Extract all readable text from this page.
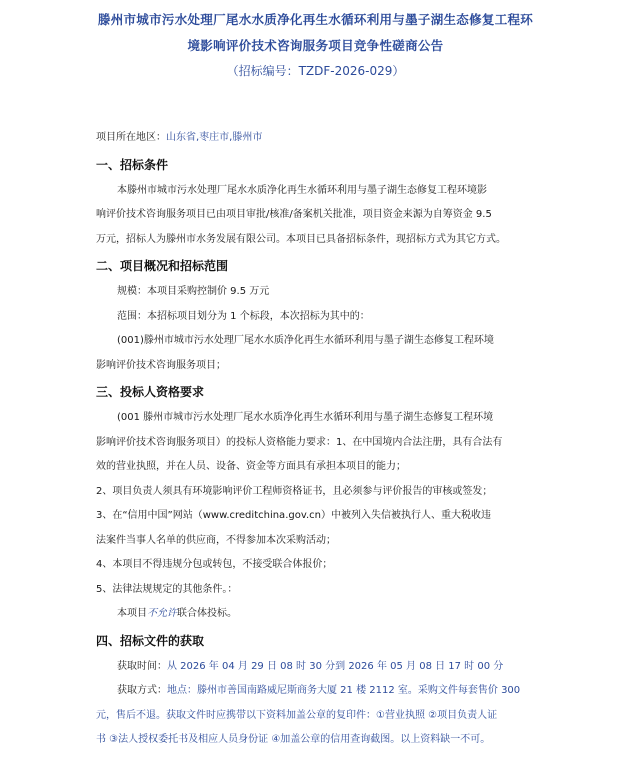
滕州市城市污水处理厂尾水水质净化再生水循环利用与墨子湖生态修复工程环
境影响评价技术咨询服务项目竞争性磋商公告
（招标编号：TZDF-2026-029）
项目所在地区：山东省,枣庄市,滕州市
一、招标条件
本滕州市城市污水处理厂尾水水质净化再生水循环利用与墨子湖生态修复工程环境影
响评价技术咨询服务项目已由项目审批/核准/备案机关批准，项目资金来源为自筹资金 9.5
万元，招标人为滕州市水务发展有限公司。本项目已具备招标条件，现招标方式为其它方式。
二、项目概况和招标范围
规模：本项目采购控制价 9.5 万元
范围：本招标项目划分为 1 个标段，本次招标为其中的：
(001)滕州市城市污水处理厂尾水水质净化再生水循环利用与墨子湖生态修复工程环境
影响评价技术咨询服务项目；
三、投标人资格要求
(001 滕州市城市污水处理厂尾水水质净化再生水循环利用与墨子湖生态修复工程环境
影响评价技术咨询服务项目）的投标人资格能力要求：1、在中国境内合法注册，具有合法有
效的营业执照，并在人员、设备、资金等方面具有承担本项目的能力；
2、项目负责人须具有环境影响评价工程师资格证书，且必须参与评价报告的审核或签发；
3、在“信用中国”网站（www.creditchina.gov.cn）中被列入失信被执行人、重大税收违
法案件当事人名单的供应商，不得参加本次采购活动；
4、本项目不得违规分包或转包，不接受联合体报价；
5、法律法规规定的其他条件。：
本项目不允许联合体投标。
四、招标文件的获取
获取时间：从 2026 年 04 月 29 日 08 时 30 分到 2026 年 05 月 08 日 17 时 00 分
获取方式：地点：滕州市善国南路威尼斯商务大厦 21 楼 2112 室。采购文件每套售价 300
元，售后不退。获取文件时应携带以下资料加盖公章的复印件：①营业执照 ②项目负责人证
书 ③法人授权委托书及相应人员身份证 ④加盖公章的信用查询截图。以上资料缺一不可。
